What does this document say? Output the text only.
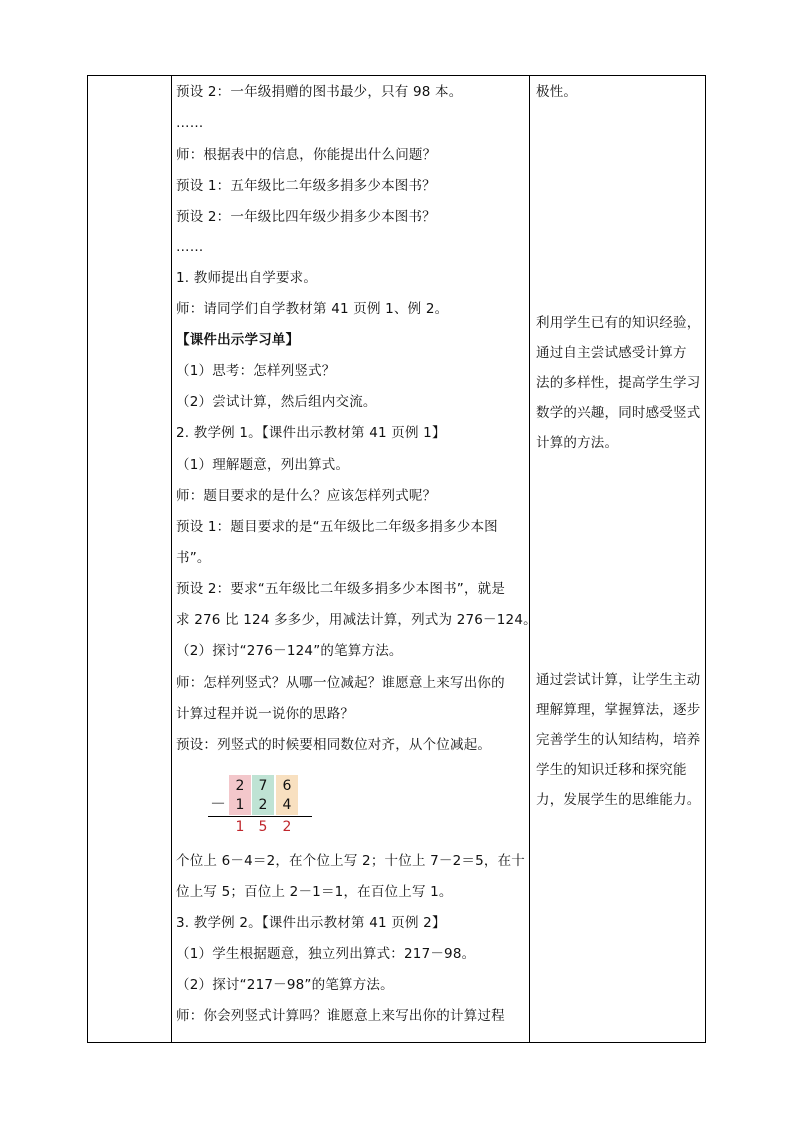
预设 2：一年级捐赠的图书最少，只有 98 本。
……
师：根据表中的信息，你能提出什么问题？
预设 1：五年级比二年级多捐多少本图书？
预设 2：一年级比四年级少捐多少本图书？
……
1. 教师提出自学要求。
师：请同学们自学教材第 41 页例 1、例 2。
【课件出示学习单】
（1）思考：怎样列竖式？
（2）尝试计算，然后组内交流。
2. 教学例 1。【课件出示教材第 41 页例 1】
（1）理解题意，列出算式。
师：题目要求的是什么？应该怎样列式呢？
预设 1：题目要求的是“五年级比二年级多捐多少本图
书”。
预设 2：要求“五年级比二年级多捐多少本图书”，就是
求 276 比 124 多多少，用减法计算，列式为 276－124。
（2）探讨“276－124”的笔算方法。
师：怎样列竖式？从哪一位减起？谁愿意上来写出你的
计算过程并说一说你的思路？
预设：列竖式的时候要相同数位对齐，从个位减起。
个位上 6－4＝2，在个位上写 2；十位上 7－2＝5，在十
位上写 5；百位上 2－1＝1，在百位上写 1。
3. 教学例 2。【课件出示教材第 41 页例 2】
（1）学生根据题意，独立列出算式：217－98。
（2）探讨“217－98”的笔算方法。
师：你会列竖式计算吗？谁愿意上来写出你的计算过程
2	7	6
－ 1	2	4
1	5	2
极性。
利用学生已有的知识经验，
通过自主尝试感受计算方
法的多样性，提高学生学习
数学的兴趣，同时感受竖式
计算的方法。
通过尝试计算，让学生主动
理解算理，掌握算法，逐步
完善学生的认知结构，培养
学生的知识迁移和探究能
力，发展学生的思维能力。
